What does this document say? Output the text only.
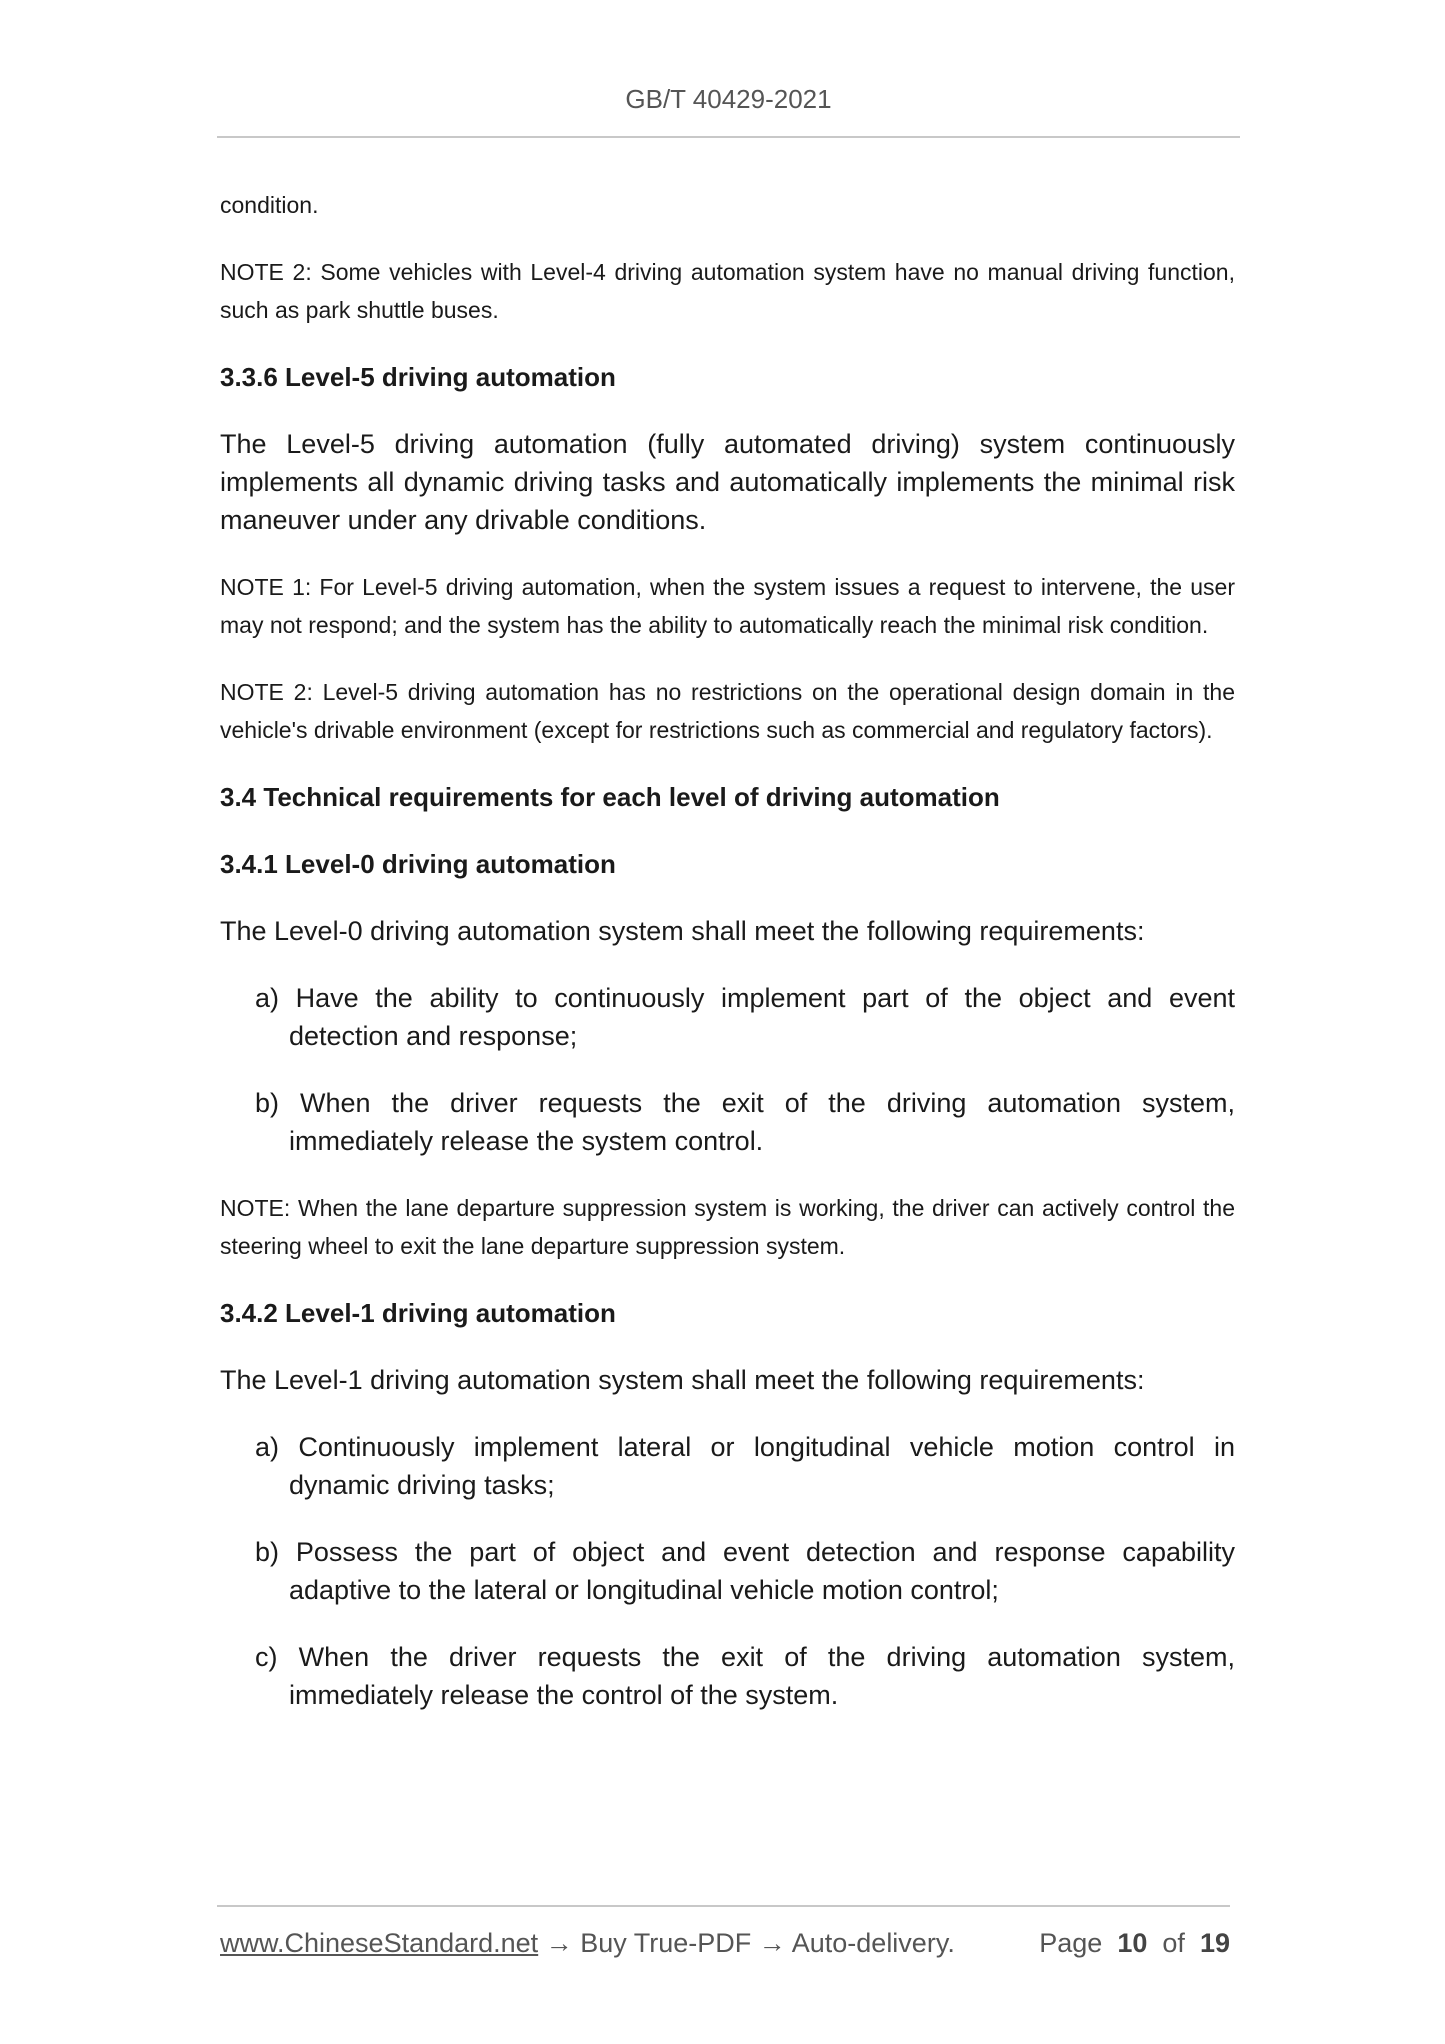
GB/T 40429-2021

condition.

NOTE 2: Some vehicles with Level-4 driving automation system have no manual driving function, such as park shuttle buses.

3.3.6 Level-5 driving automation

The Level-5 driving automation (fully automated driving) system continuously implements all dynamic driving tasks and automatically implements the minimal risk maneuver under any drivable conditions.

NOTE 1: For Level-5 driving automation, when the system issues a request to intervene, the user may not respond; and the system has the ability to automatically reach the minimal risk condition.

NOTE 2: Level-5 driving automation has no restrictions on the operational design domain in the vehicle's drivable environment (except for restrictions such as commercial and regulatory factors).

3.4 Technical requirements for each level of driving automation

3.4.1 Level-0 driving automation

The Level-0 driving automation system shall meet the following requirements:

a) Have the ability to continuously implement part of the object and event detection and response;

b) When the driver requests the exit of the driving automation system, immediately release the system control.

NOTE: When the lane departure suppression system is working, the driver can actively control the steering wheel to exit the lane departure suppression system.

3.4.2 Level-1 driving automation

The Level-1 driving automation system shall meet the following requirements:

a) Continuously implement lateral or longitudinal vehicle motion control in dynamic driving tasks;

b) Possess the part of object and event detection and response capability adaptive to the lateral or longitudinal vehicle motion control;

c) When the driver requests the exit of the driving automation system, immediately release the control of the system.

www.ChineseStandard.net → Buy True-PDF → Auto-delivery.	Page 10 of 19
